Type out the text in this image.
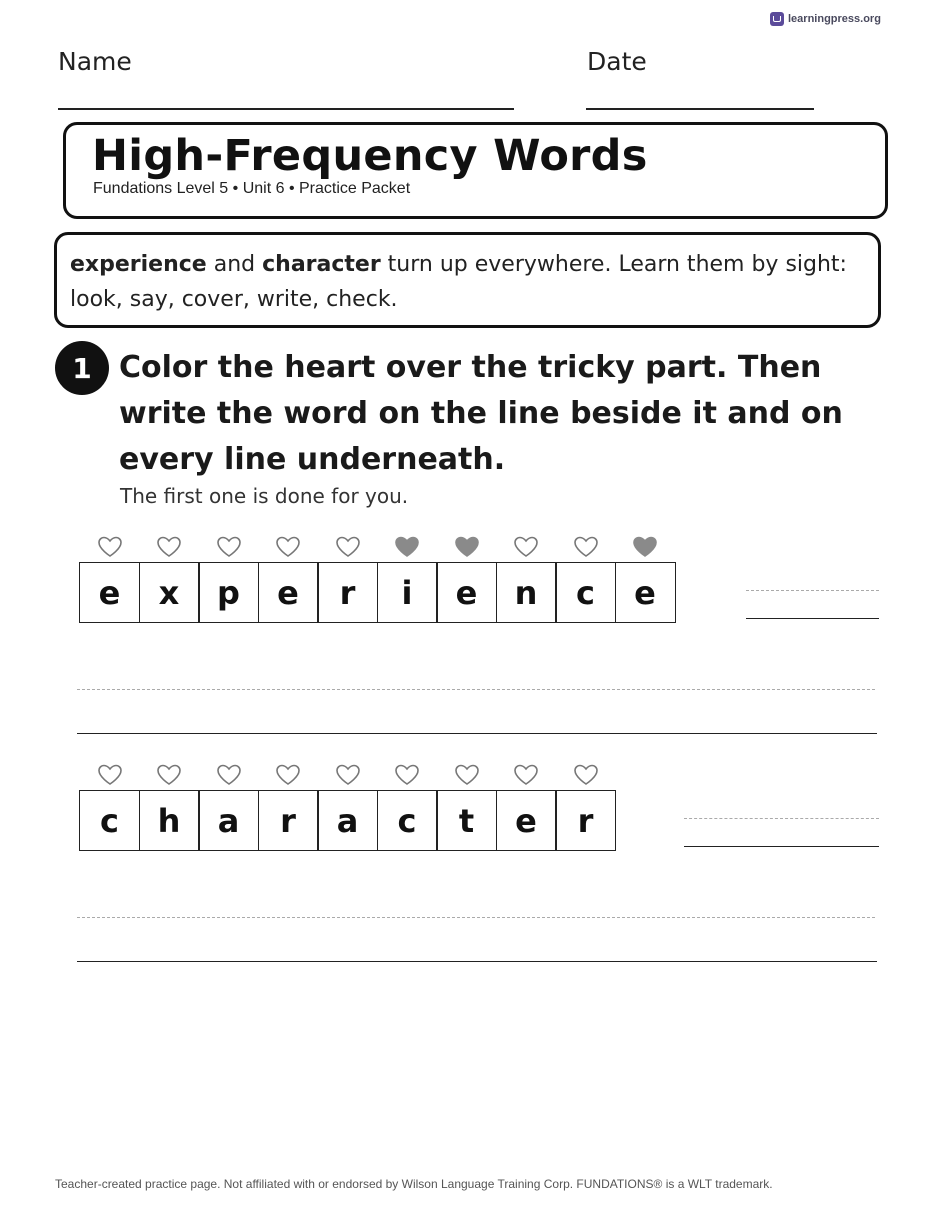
learningpress.org
Name	Date
High-Frequency Words
Fundations Level 5 • Unit 6 • Practice Packet
experience and character turn up everywhere. Learn them by sight: look, say, cover, write, check.
1 Color the heart over the tricky part. Then write the word on the line beside it and on every line underneath.
The first one is done for you.
e	x	p	e	r	i	e	n	c	e
c	h	a	r	a	c	t	e	r
Teacher-created practice page. Not affiliated with or endorsed by Wilson Language Training Corp. FUNDATIONS® is a WLT trademark.
